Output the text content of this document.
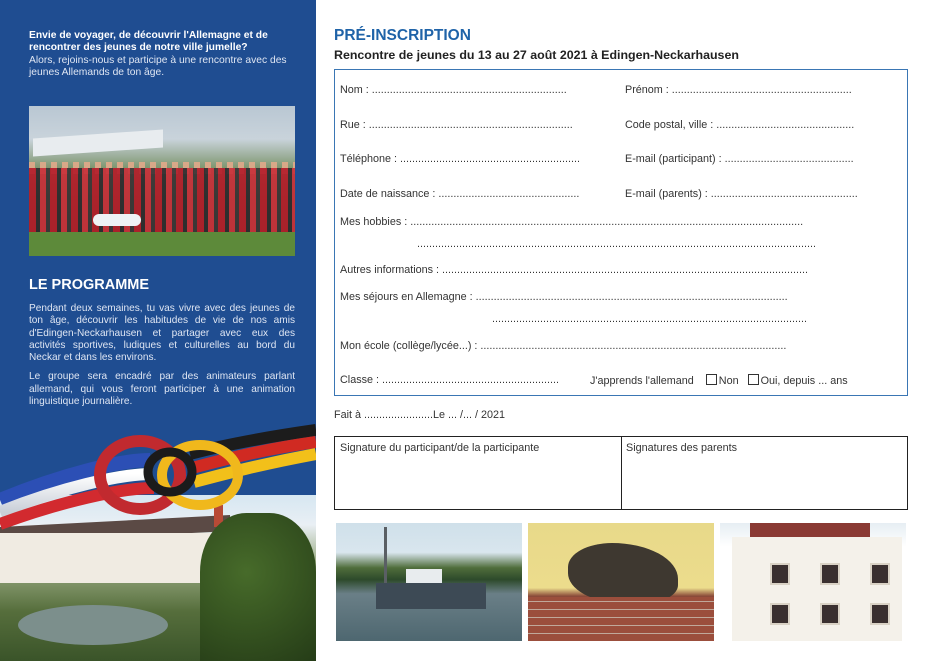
Envie de voyager, de découvrir l'Allemagne et de rencontrer des jeunes de notre ville jumelle?
Alors, rejoins-nous et participe à une rencontre avec des jeunes Allemands de ton âge.
LE PROGRAMME

Pendant deux semaines, tu vas vivre avec des jeunes de ton âge, découvrir les habitudes de vie de nos amis d'Edingen-Neckarhausen et partager avec eux des activités sportives, ludiques et culturelles au bord du Neckar et dans les environs.

Le groupe sera encadré par des animateurs parlant allemand, qui vous feront participer à une animation linguistique journalière.

PRÉ-INSCRIPTION
Rencontre de jeunes du 13 au 27 août 2021 à Edingen-Neckarhausen
Nom : .................................................................	Prénom : ............................................................
Rue : ....................................................................	Code postal, ville : ..............................................
Téléphone : ............................................................	E-mail (participant) : ...........................................
Date de naissance : ...............................................	E-mail (parents) : .................................................
Mes hobbies : ...................................................................................................................................
.....................................................................................................................................
Autres informations : ..........................................................................................................................
Mes séjours en Allemagne : ........................................................................................................
.........................................................................................................
Mon école (collège/lycée...) : ......................................................................................................
Classe : ...........................................................	J'apprends l'allemand Non Oui, depuis ... ans
Fait à .......................Le ... /... / 2021
Signature du participant/de la participante	Signatures des parents
